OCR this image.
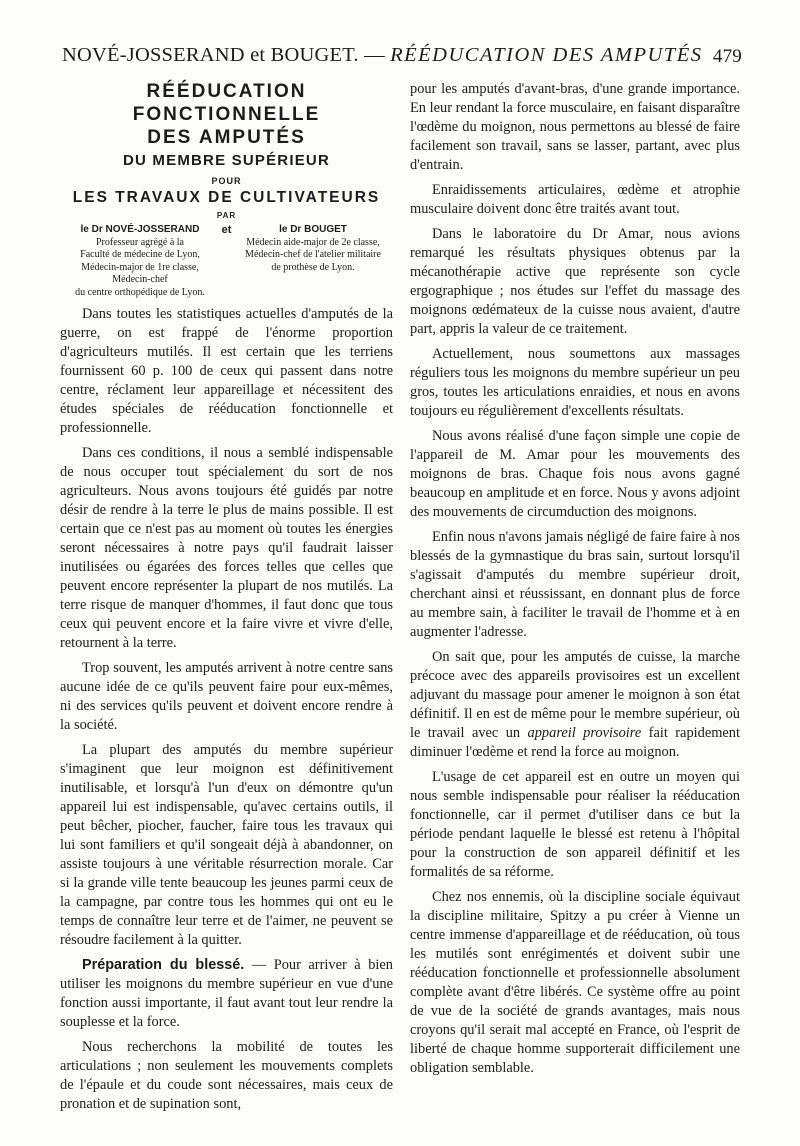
NOVÉ-JOSSERAND et BOUGET. — RÉÉDUCATION DES AMPUTÉS 479
RÉÉDUCATION
FONCTIONNELLE
DES AMPUTÉS
DU MEMBRE SUPÉRIEUR
POUR
LES TRAVAUX DE CULTIVATEURS
PAR
le Dr NOVÉ-JOSSERAND
Professeur agrégé à la
Faculté de médecine de Lyon,
Médecin-major de 1re classe,
Médecin-chef
du centre orthopédique de Lyon.
et	le Dr BOUGET
Médecin aide-major de 2e classe,
Médecin-chef de l'atelier militaire
de prothèse de Lyon.

Dans toutes les statistiques actuelles d'amputés de la guerre, on est frappé de l'énorme proportion d'agriculteurs mutilés. Il est certain que les terriens fournissent 60 p. 100 de ceux qui passent dans notre centre, réclament leur appareillage et nécessitent des études spéciales de rééducation fonctionnelle et professionnelle.

Dans ces conditions, il nous a semblé indispensable de nous occuper tout spécialement du sort de nos agriculteurs. Nous avons toujours été guidés par notre désir de rendre à la terre le plus de mains possible. Il est certain que ce n'est pas au moment où toutes les énergies seront nécessaires à notre pays qu'il faudrait laisser inutilisées ou égarées des forces telles que celles que peuvent encore représenter la plupart de nos mutilés. La terre risque de manquer d'hommes, il faut donc que tous ceux qui peuvent encore et la faire vivre et vivre d'elle, retournent à la terre.

Trop souvent, les amputés arrivent à notre centre sans aucune idée de ce qu'ils peuvent faire pour eux-mêmes, ni des services qu'ils peuvent et doivent encore rendre à la société.

La plupart des amputés du membre supérieur s'imaginent que leur moignon est définitivement inutilisable, et lorsqu'à l'un d'eux on démontre qu'un appareil lui est indispensable, qu'avec certains outils, il peut bêcher, piocher, faucher, faire tous les travaux qui lui sont familiers et qu'il songeait déjà à abandonner, on assiste toujours à une véritable résurrection morale. Car si la grande ville tente beaucoup les jeunes parmi ceux de la campagne, par contre tous les hommes qui ont eu le temps de connaître leur terre et de l'aimer, ne peuvent se résoudre facilement à la quitter.

Préparation du blessé. — Pour arriver à bien utiliser les moignons du membre supérieur en vue d'une fonction aussi importante, il faut avant tout leur rendre la souplesse et la force.

Nous recherchons la mobilité de toutes les articulations ; non seulement les mouvements complets de l'épaule et du coude sont nécessaires, mais ceux de pronation et de supination sont,

pour les amputés d'avant-bras, d'une grande importance. En leur rendant la force musculaire, en faisant disparaître l'œdème du moignon, nous permettons au blessé de faire facilement son travail, sans se lasser, partant, avec plus d'entrain.

Enraidissements articulaires, œdème et atrophie musculaire doivent donc être traités avant tout.

Dans le laboratoire du Dr Amar, nous avions remarqué les résultats physiques obtenus par la mécanothérapie active que représente son cycle ergographique ; nos études sur l'effet du massage des moignons œdémateux de la cuisse nous avaient, d'autre part, appris la valeur de ce traitement.

Actuellement, nous soumettons aux massages réguliers tous les moignons du membre supérieur un peu gros, toutes les articulations enraidies, et nous en avons toujours eu régulièrement d'excellents résultats.

Nous avons réalisé d'une façon simple une copie de l'appareil de M. Amar pour les mouvements des moignons de bras. Chaque fois nous avons gagné beaucoup en amplitude et en force. Nous y avons adjoint des mouvements de circumduction des moignons.

Enfin nous n'avons jamais négligé de faire faire à nos blessés de la gymnastique du bras sain, surtout lorsqu'il s'agissait d'amputés du membre supérieur droit, cherchant ainsi et réussissant, en donnant plus de force au membre sain, à faciliter le travail de l'homme et à en augmenter l'adresse.

On sait que, pour les amputés de cuisse, la marche précoce avec des appareils provisoires est un excellent adjuvant du massage pour amener le moignon à son état définitif. Il en est de même pour le membre supérieur, où le travail avec un appareil provisoire fait rapidement diminuer l'œdème et rend la force au moignon.

L'usage de cet appareil est en outre un moyen qui nous semble indispensable pour réaliser la rééducation fonctionnelle, car il permet d'utiliser dans ce but la période pendant laquelle le blessé est retenu à l'hôpital pour la construction de son appareil définitif et les formalités de sa réforme.

Chez nos ennemis, où la discipline sociale équivaut la discipline militaire, Spitzy a pu créer à Vienne un centre immense d'appareillage et de rééducation, où tous les mutilés sont enrégimentés et doivent subir une rééducation fonctionnelle et professionnelle absolument complète avant d'être libérés. Ce système offre au point de vue de la société de grands avantages, mais nous croyons qu'il serait mal accepté en France, où l'esprit de liberté de chaque homme supporterait difficilement une obligation semblable.
